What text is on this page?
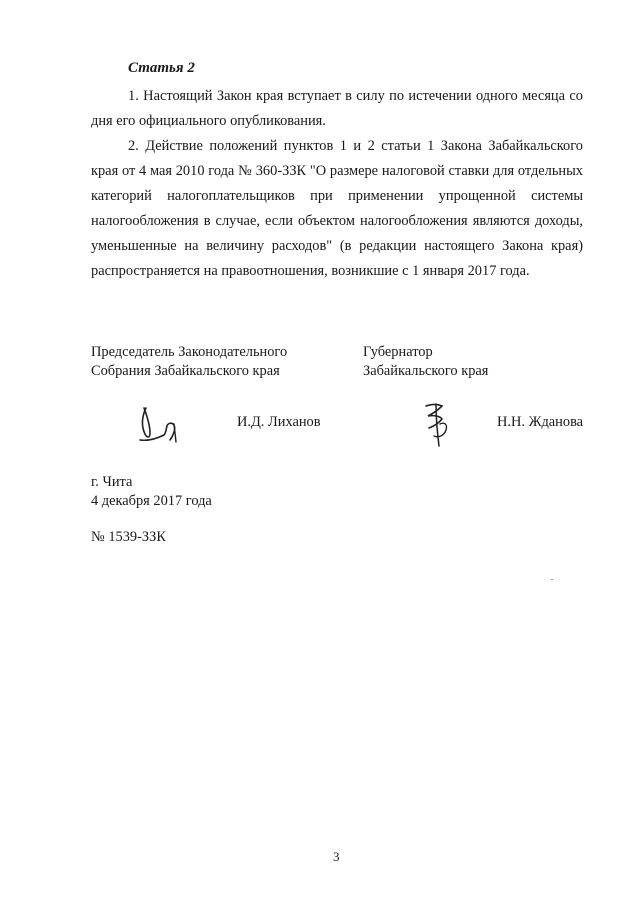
Статья 2

1. Настоящий Закон края вступает в силу по истечении одного месяца со дня его официального опубликования.

2. Действие положений пунктов 1 и 2 статьи 1 Закона Забайкальского края от 4 мая 2010 года № 360-ЗЗК "О размере налоговой ставки для отдельных категорий налогоплательщиков при применении упрощенной системы налогообложения в случае, если объектом налогообложения являются доходы, уменьшенные на величину расходов" (в редакции настоящего Закона края) распространяется на правоотношения, возникшие с 1 января 2017 года.

Председатель Законодательного
Собрания Забайкальского края
И.Д. Лиханов
Губернатор
Забайкальского края
Н.Н. Жданова
г. Чита
4 декабря 2017 года
№ 1539-ЗЗК
3
